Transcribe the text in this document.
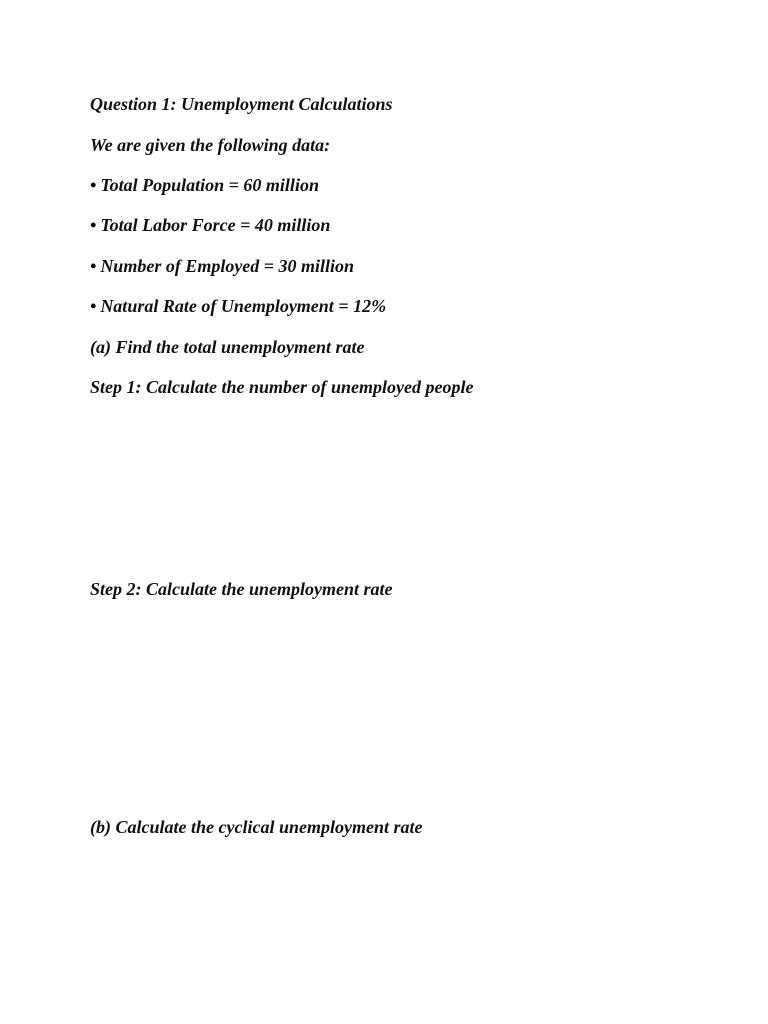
Question 1: Unemployment Calculations
We are given the following data:
• Total Population = 60 million
• Total Labor Force = 40 million
• Number of Employed = 30 million
• Natural Rate of Unemployment = 12%
(a) Find the total unemployment rate
Step 1: Calculate the number of unemployed people
Step 2: Calculate the unemployment rate
(b) Calculate the cyclical unemployment rate
